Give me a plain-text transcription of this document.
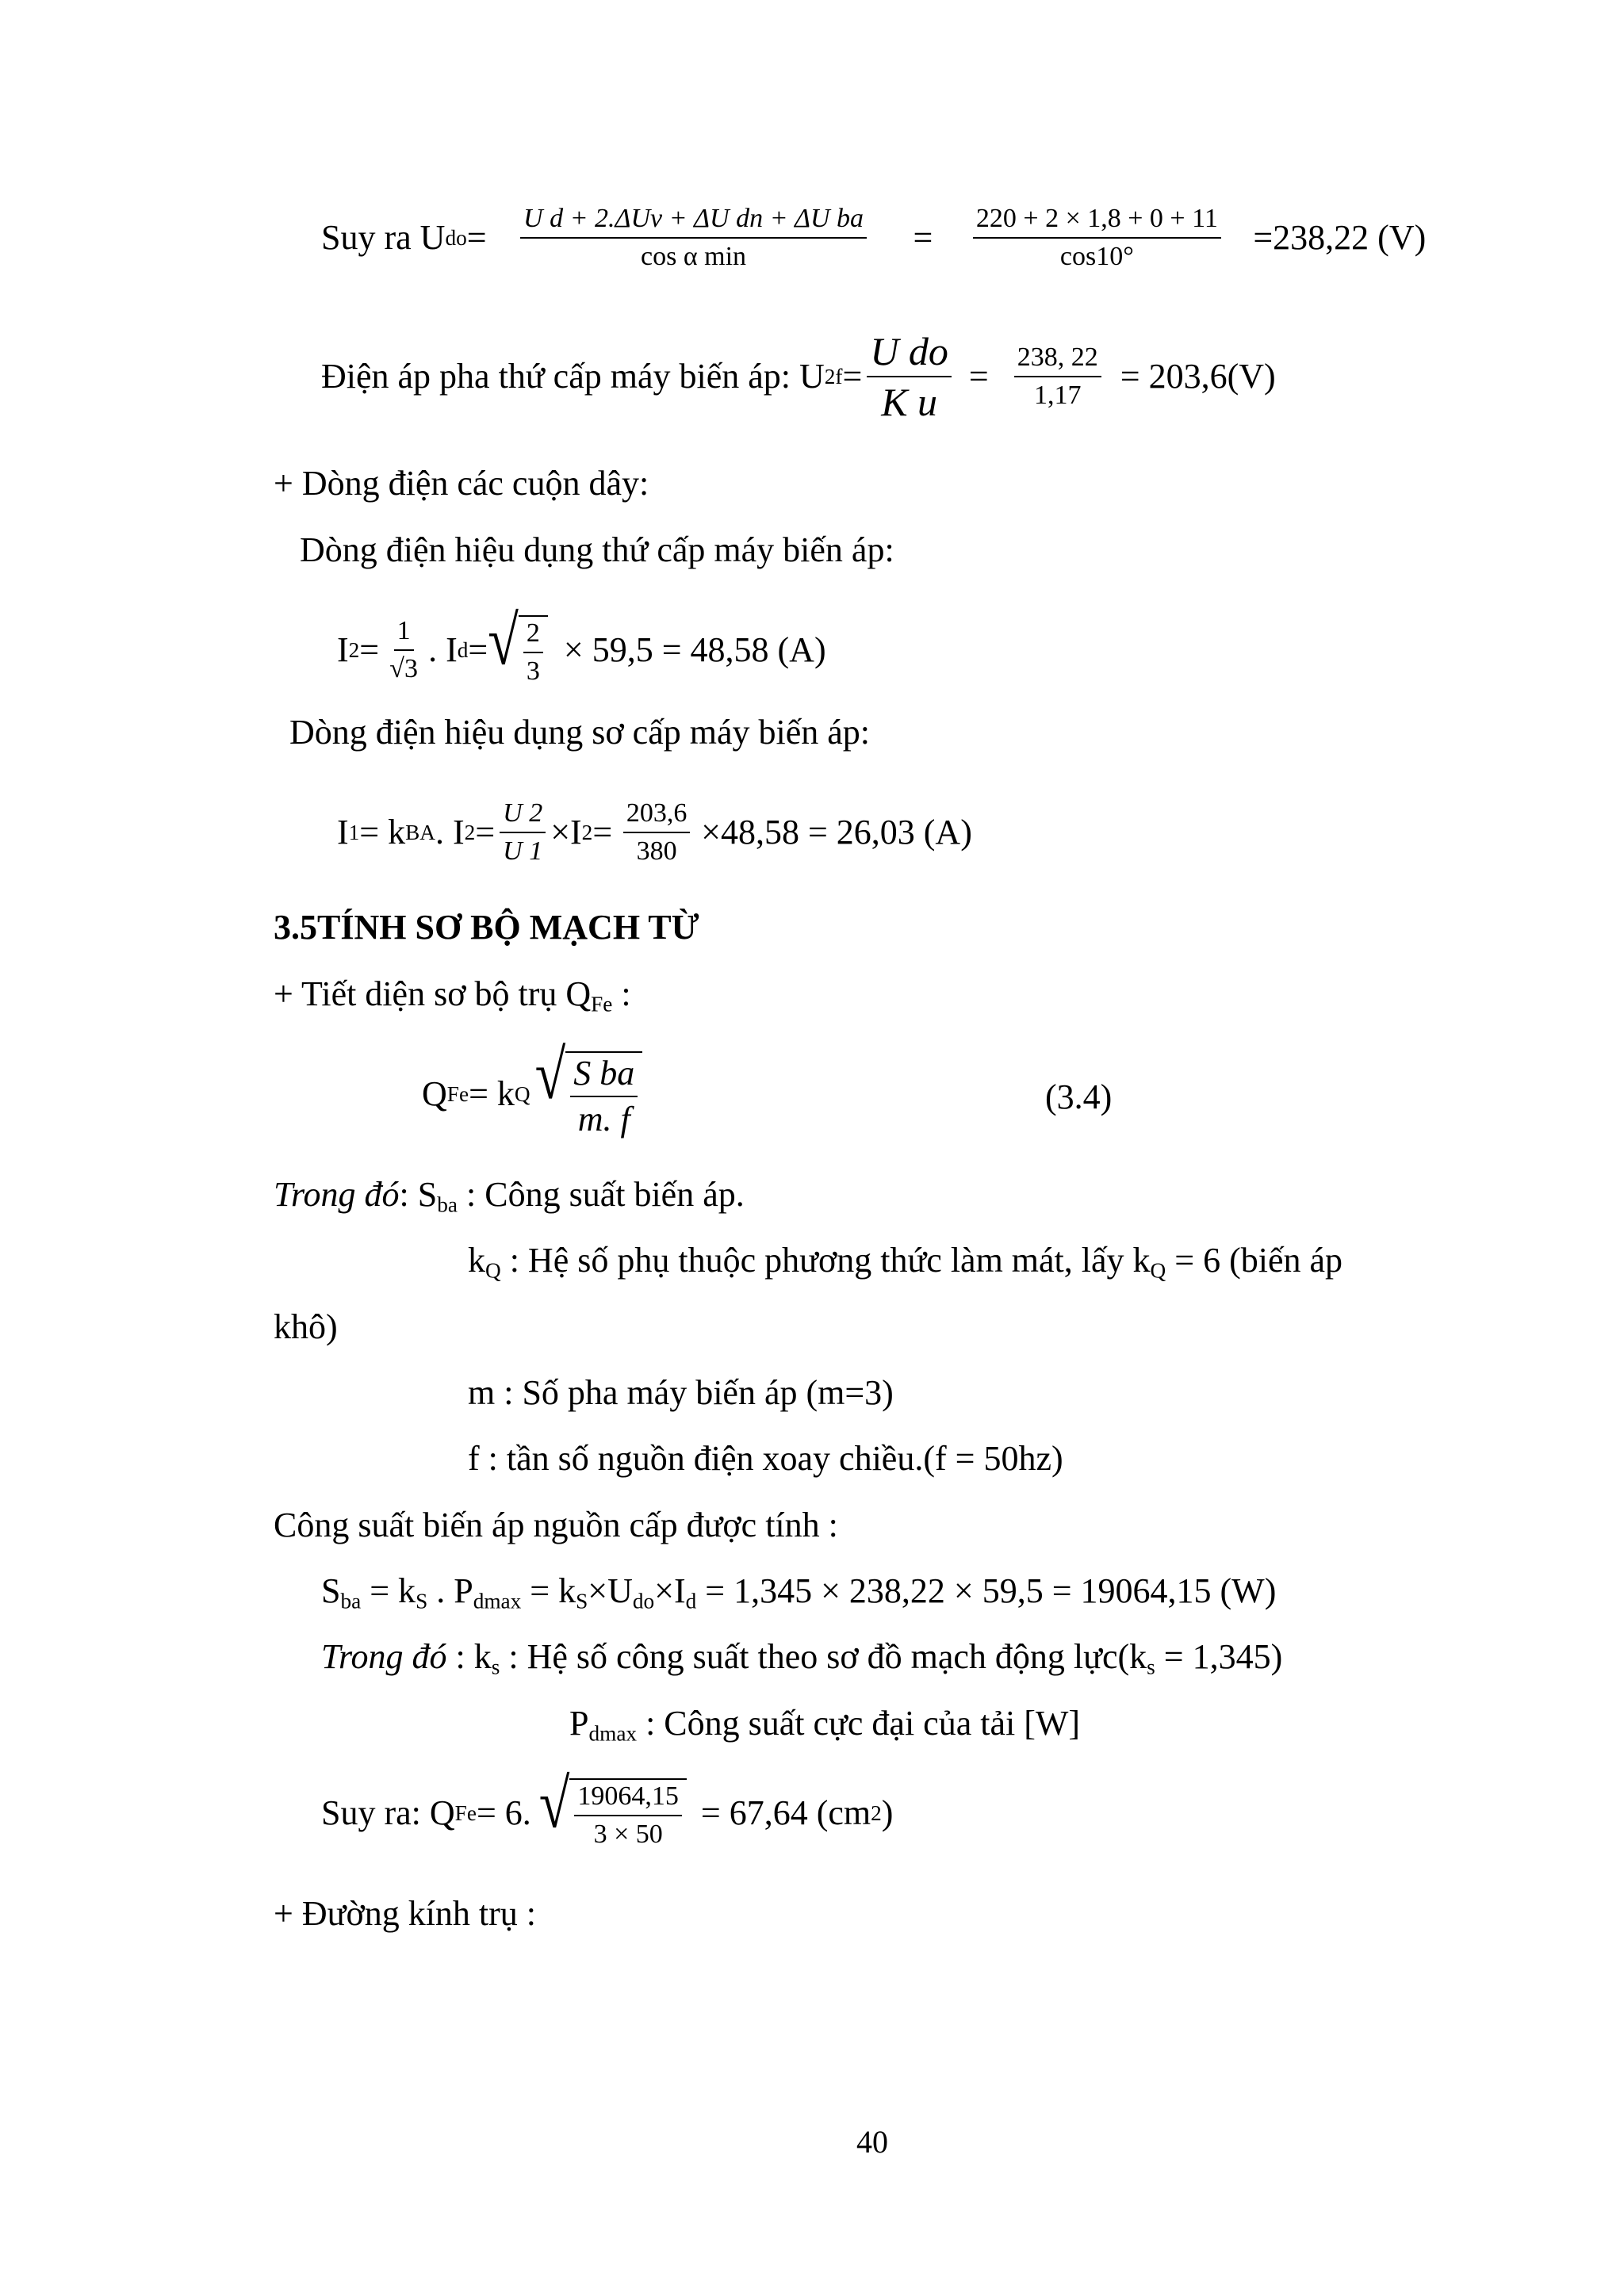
Suy ra U do = $\frac{\text{U d + 2.ΔUv + ΔU dn + ΔU ba}}{\text{cos α min}} = \frac{220 + 2 \times 1,8 + 0 + 11}{\cos 10^\circ} =238,22$ (V)
Điện áp pha thứ cấp máy biến áp: U $2f = \frac{\text{U do}}{\text{K u}} = \frac{238, 22}{1,17} = 203,6(V)$
+ Dòng điện các cuộn dây:
Dòng điện hiệu dụng thứ cấp máy biến áp:
I $2 = \frac{1}{√3}$ . I d = √ $\frac{2}{3} \times 59,5 = 48,58$ (A)
Dòng điện hiệu dụng sơ cấp máy biến áp:
I 1 = k BA . I $2 = \frac{U 2}{U 1} \times I$ $2 = \frac{203,6}{380} \times 48,58 = 26,03$ (A)
3.5TÍNH SƠ BỘ MẠCH TỪ
+ Tiết diện sơ bộ trụ $Q_{Fe}$ :
Q Fe = k Q √ $\frac{\text{S ba}}{m. f}$	(3.4)
Trong đó: $S_{ba}$ : Công suất biến áp.
$k_Q$ : Hệ số phụ thuộc phương thức làm mát, lấy $k_Q = 6$ (biến áp
khô)
m : Số pha máy biến áp (m=3)
f : tần số nguồn điện xoay chiều.(f = 50hz)
Công suất biến áp nguồn cấp được tính :
$S_{ba} = k_S$ . $P_{dmax} = k_S\times U_{do}\times I_d = 1,345 \times 238,22 \times 59,5 = 19064,15$ (W)
Trong đó : $k_s$ : Hệ số công suất theo sơ đồ mạch động $lực(k_s = 1,345)$
$P_{dmax}$ : Công suất cực đại của tải [W]
Suy ra: Q Fe = 6. √ $\frac{19064,15}{3 \times 50} = 67,64$ (cm 2 )
+ Đường kính trụ :
40
